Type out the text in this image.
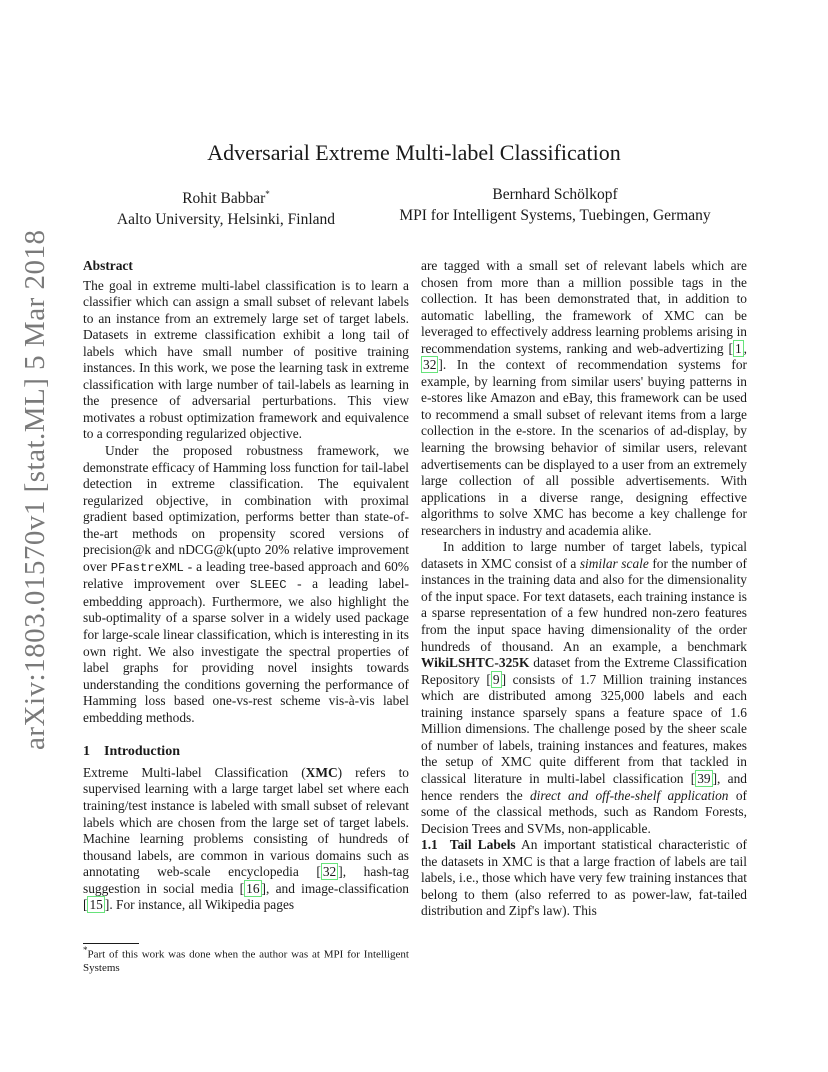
arXiv:1803.01570v1 [stat.ML] 5 Mar 2018
Adversarial Extreme Multi-label Classification
Rohit Babbar*
Aalto University, Helsinki, Finland
Bernhard Schölkopf
MPI for Intelligent Systems, Tuebingen, Germany
Abstract

The goal in extreme multi-label classification is to learn a classifier which can assign a small subset of relevant labels to an instance from an extremely large set of target labels. Datasets in extreme classification exhibit a long tail of labels which have small number of positive training instances. In this work, we pose the learning task in extreme classification with large number of tail-labels as learning in the presence of adversarial perturbations. This view motivates a robust optimization framework and equivalence to a corresponding regularized objective.

Under the proposed robustness framework, we demonstrate efficacy of Hamming loss function for tail-label detection in extreme classification. The equivalent regularized objective, in combination with proximal gradient based optimization, performs better than state-of-the-art methods on propensity scored versions of precision@k and nDCG@k(upto 20% relative improvement over PFastreXML - a leading tree-based approach and 60% relative improvement over SLEEC - a leading label-embedding approach). Furthermore, we also highlight the sub-optimality of a sparse solver in a widely used package for large-scale linear classification, which is interesting in its own right. We also investigate the spectral properties of label graphs for providing novel insights towards understanding the conditions governing the performance of Hamming loss based one-vs-rest scheme vis-à-vis label embedding methods.

1 Introduction

Extreme Multi-label Classification (XMC) refers to supervised learning with a large target label set where each training/test instance is labeled with small subset of relevant labels which are chosen from the large set of target labels. Machine learning problems consisting of hundreds of thousand labels, are common in various domains such as annotating web-scale encyclopedia [ 32 ], hash-tag suggestion in social media [ 16 ], and image-classification [ 15 ]. For instance, all Wikipedia pages

are tagged with a small set of relevant labels which are chosen from more than a million possible tags in the collection. It has been demonstrated that, in addition to automatic labelling, the framework of XMC can be leveraged to effectively address learning problems arising in recommendation systems, ranking and web-advertizing [ 1 , 32 ]. In the context of recommendation systems for example, by learning from similar users' buying patterns in e-stores like Amazon and eBay, this framework can be used to recommend a small subset of relevant items from a large collection in the e-store. In the scenarios of ad-display, by learning the browsing behavior of similar users, relevant advertisements can be displayed to a user from an extremely large collection of all possible advertisements. With applications in a diverse range, designing effective algorithms to solve XMC has become a key challenge for researchers in industry and academia alike.

In addition to large number of target labels, typical datasets in XMC consist of a similar scale for the number of instances in the training data and also for the dimensionality of the input space. For text datasets, each training instance is a sparse representation of a few hundred non-zero features from the input space having dimensionality of the order hundreds of thousand. An an example, a benchmark WikiLSHTC-325K dataset from the Extreme Classification Repository [ 9 ] consists of 1.7 Million training instances which are distributed among 325,000 labels and each training instance sparsely spans a feature space of 1.6 Million dimensions. The challenge posed by the sheer scale of number of labels, training instances and features, makes the setup of XMC quite different from that tackled in classical literature in multi-label classification [ 39 ], and hence renders the direct and off-the-shelf application of some of the classical methods, such as Random Forests, Decision Trees and SVMs, non-applicable.

1.1 Tail Labels An important statistical characteristic of the datasets in XMC is that a large fraction of labels are tail labels, i.e., those which have very few training instances that belong to them (also referred to as power-law, fat-tailed distribution and Zipf's law). This

*Part of this work was done when the author was at MPI for Intelligent Systems
